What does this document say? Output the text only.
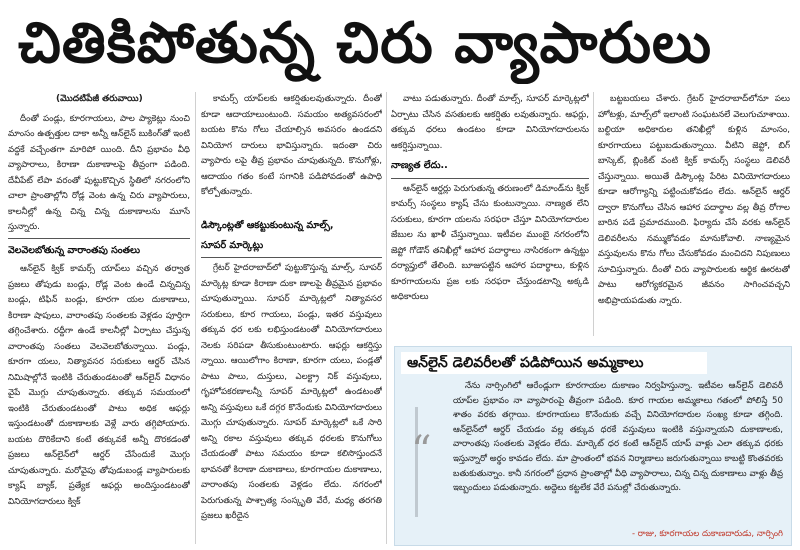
చితికిపోతున్న చిరు వ్యాపారులు
( మొదటిపేజీ తరువాయి )

దీంతో పండ్లు, కూరగాయలు, పాల ప్యాకెట్లు నుంచి మాంసం ఉత్పత్తుల దాకా అన్నీ ఆన్‌లైన్ బుకింగ్‌తో ఇంటి వద్దకే వచ్చేంతగా మారిపో యింది. దీని ప్రభావం వీధి వ్యాపారాలు, కిరాణా దుకాణాలపై తీవ్రంగా పడింది. దేవీపేట్ లేపా వరంతో పుట్టుకొచ్చిన స్థితిలో నగరంలోని చాలా ప్రాంతాల్లోని రోడ్ల వెంట ఉన్న చిరు వ్యాపారులు, కాలనీల్లో ఉన్న చిన్న చిన్న దుకాణాలను మూసే స్తున్నారు.

వెలవెలబోతున్న వారాంతపు సంతలు

ఆన్‌లైన్ క్విక్ కామర్స్ యాప్‌లు వచ్చిన తర్వాత ప్రజలు తోపుడు బండ్లు, రోడ్ల వెంట ఉండే చిన్నచిన్న బండ్లు, టిఫిన్ బండ్లు, కూరగా యల దుకాణాలు, కిరాణా షాపులు, వారాంతపు సంతలకు వెళ్లడం పూర్తిగా తగ్గించేశారు. రద్దీగా ఉండే కాలనీల్లో ఏర్పాటు చేస్తున్న వారాంతపు సంతలు వెలవెలబోతున్నాయి. పండ్లు, కూరగా యలు, నిత్యావసర సరుకులు ఆర్డర్ చేసిన నిమిషాల్లోనే ఇంటికి చేరుతుండటంతో ఆన్‌లైన్ విధానం వైపే మొగ్గు చూపుతున్నారు. తక్కువ సమయంలో ఇంటికి చేరుతుండటంతో పాటు అధిక ఆఫర్లు ఇస్తుండటంతో దుకాణాలకు వెళ్లే వారు తగ్గిపోయారు. బయట దొరికేదాని కంటే తక్కువకే అన్నీ దొరకడంతో ప్రజలు ఆన్‌లైన్‌లో ఆర్డర్ చేసేందుకే మొగ్గు చూపుతున్నారు. మరోవైపు తోపుడుబండ్ల వ్యాపారులకు క్యాష్ బ్యాక్, ప్రత్యేక ఆఫర్లు అందిస్తుండటంతో వినియోగదారులు క్విక్

కామర్స్ యాప్‌లకు ఆకర్షితులవుతున్నారు. దీంతో కూడా ఆదాయాలుంటుంది. సమయం అత్యవసరంలో బయట కొను గోలు చేయాల్సిన అవసరం ఉండదని వినియోగ దారులు భావిస్తున్నారు. ఇదంతా చిరు వ్యాపారు లపై తీవ్ర ప్రభావం చూపుతున్నది. కొనుగోళ్లు, ఆదాయం గతం కంటే సగానికి పడిపోవడంతో ఉపాధి కోల్పోతున్నారు.

డిస్కౌంట్లతో ఆకట్టుకుంటున్న మాల్స్,
సూపర్ మార్కెట్లు

గ్రేటర్ హైదరాబాద్‌లో పుట్టుకొస్తున్న మాల్స్, సూపర్ మార్కెట్ల కూడా కిరాణా దుకా ణాలపై తీవ్రమైన ప్రభావం చూపుతున్నాయి. సూపర్ మార్కెట్లలో నిత్యావసర సరుకులు, కూర గాయలు, పండ్లు, ఇతర వస్తువులు తక్కువ ధర లకు లభిస్తుండటంతో వినియోగదారులు నెలకు సరిపడా తీసుకుంటుంటారు. ఆఫర్లు ఆకర్షిస్తు న్నాయి. ఆయిలోగాం కిరాణా, కూరగా యలు, పండ్లతో పాటు పాలు, దుస్తులు, ఎలక్ట్రా నిక్ వస్తువులు, గృహోపకరణాలన్నీ సూపర్ మార్కెట్లలో ఉండటంతో అన్ని వస్తువులు ఒకే దగ్గర కొనేందుకు వినియోగదారులు మొగ్గు చూపుతున్నారు. సూపర్ మార్కెట్లలో ఒకే సారి అన్ని రకాల వస్తువులు తక్కువ ధరలకు కొనుగోలు చేయడంతో పాటు సమయం కూడా కలిసొస్తుందనే భావనతో కిరాణా దుకాణాలు, కూరగాయల దుకాణాలు, వారాంతపు సంతలకు వెళ్లడం లేదు. నగరంలో పెరుగుతున్న పాశ్చాత్య సంస్కృతి వేరే, మధ్య తరగతి ప్రజలు ఖరీదైన

వాటు పడుతున్నారు. దీంతో మాల్స్, సూపర్ మార్కెట్లలో ఏర్పాటు చేసిన వసతులకు ఆకర్షితు లవుతున్నారు. ఆఫర్లు, తక్కువ ధరలు ఉండటం కూడా వినియోగదారులను ఆకర్షిస్తున్నాయి.

నాణ్యత లేదు..

ఆన్‌లైన్ ఆర్డర్లు పెరుగుతున్న తరుణంలో డిమాండ్‌ను క్విక్ కామర్స్ సంస్థలు క్యాష్ చేసు కుంటున్నాయి. నాణ్యత లేని సరుకులు, కూరగా యలను సరఫరా చేస్తూ వినియోగదారుల జేబుల ను ఖాళీ చేస్తున్నాయి. ఇటీవల ముంబై నగరంలోని జెప్టో గోడౌన్ తనిఖీల్లో ఆహార పదార్థాలు నాసిరకంగా ఉన్నట్టు దర్యాప్తులో తేలింది. బూజుపట్టిన ఆహార పదార్థాలు, కుళ్లిన కూరగాయలను ప్రజ లకు సరఫరా చేస్తుండటాన్ని అక్కడి అధికారులు

బట్టబయలు చేశారు. గ్రేటర్ హైదరాబాద్‌లోనూ పలు హోటళ్లు, మాల్స్‌లో ఇలాంటి సంఘటనలే వెలుగుచూశాయి. బల్దియా అధికారుల తనిఖీల్లో కుళ్లిన మాంసం, కూరగాయలు పట్టుబడుతున్నాయి. వీటిని జెప్టో, బిగ్ బాస్కెట్, బ్లింకిట్ వంటి క్విక్ కామర్స్ సంస్థలు డెలివరీ చేస్తున్నాయి. అయితే డిస్కౌంట్ల పేరిట వినియోగదారులు కూడా ఆరోగ్యాన్ని పట్టించుకోవడం లేదు. ఆన్‌లైన్ ఆర్డర్ ద్వారా కొనుగోలు చేసిన ఆహార పదార్థాల వల్ల తీవ్ర రోగాల బారిన పడే ప్రమాదముంది. ఫిర్యాదు చేసే వరకు ఆన్‌లైన్ డెలివరీలను నమ్ముకోవడం మానుకోవాలి. నాణ్యమైన వస్తువులను కొను గోలు చేసుకోవడం మంచిదని నిపుణులు సూచిస్తున్నారు. దీంతో చిరు వ్యాపారులకు ఆర్థిక ఊరటతో పాటు ఆరోగ్యకరమైన జీవనం సాగించవచ్చని అభిప్రాయపడుతు న్నారు.

ఆన్‌లైన్ డెలివరీలతో పడిపోయిన అమ్మకాలు
“

నేను నార్సింగిలో ఆరేండ్లుగా కూరగాయల దుకాణం నిర్వహిస్తున్నా. ఇటీవల ఆన్‌లైన్ డెలివరీ యాప్‌ల ప్రభావం నా వ్యాపారంపై తీవ్రంగా పడింది. కూర గాయల అమ్మకాలు గతంలో పోలిస్తే 50 శాతం వరకు తగ్గాయి. కూరగాయలు కొనేందుకు వచ్చే వినియోగదారుల సంఖ్య కూడా తగ్గింది. ఆన్‌లైన్‌లో ఆర్డర్ చేయడం వల్ల తక్కువ ధరకే వస్తువులు ఇంటికి వస్తున్నాయని దుకాణాలకు, వారాంతపు సంతలకు వెళ్లడం లేదు. మార్కెట్ ధర కంటే ఆన్‌లైన్ యాప్ వాళ్లు ఎలా తక్కువ ధరకు ఇస్తున్నారో అర్థం కావడం లేదు. మా ప్రాంతంలో భవన నిర్మాణాలు జరుగుతున్నాయి కాబట్టి కొంతవరకు బతుకుతున్నాం. కానీ నగరంలో ప్రధాన ప్రాంతాల్లో వీధి వ్యాపారాలు, చిన్న చిన్న దుకాణాలు వాళ్లు తీవ్ర ఇబ్బందులు పడుతున్నారు. అద్దెలు కట్టలేక వేరే పనుల్లో చేరుతున్నారు.

- రాజు, కూరగాయల దుకాణదారుడు, నార్సింగి
